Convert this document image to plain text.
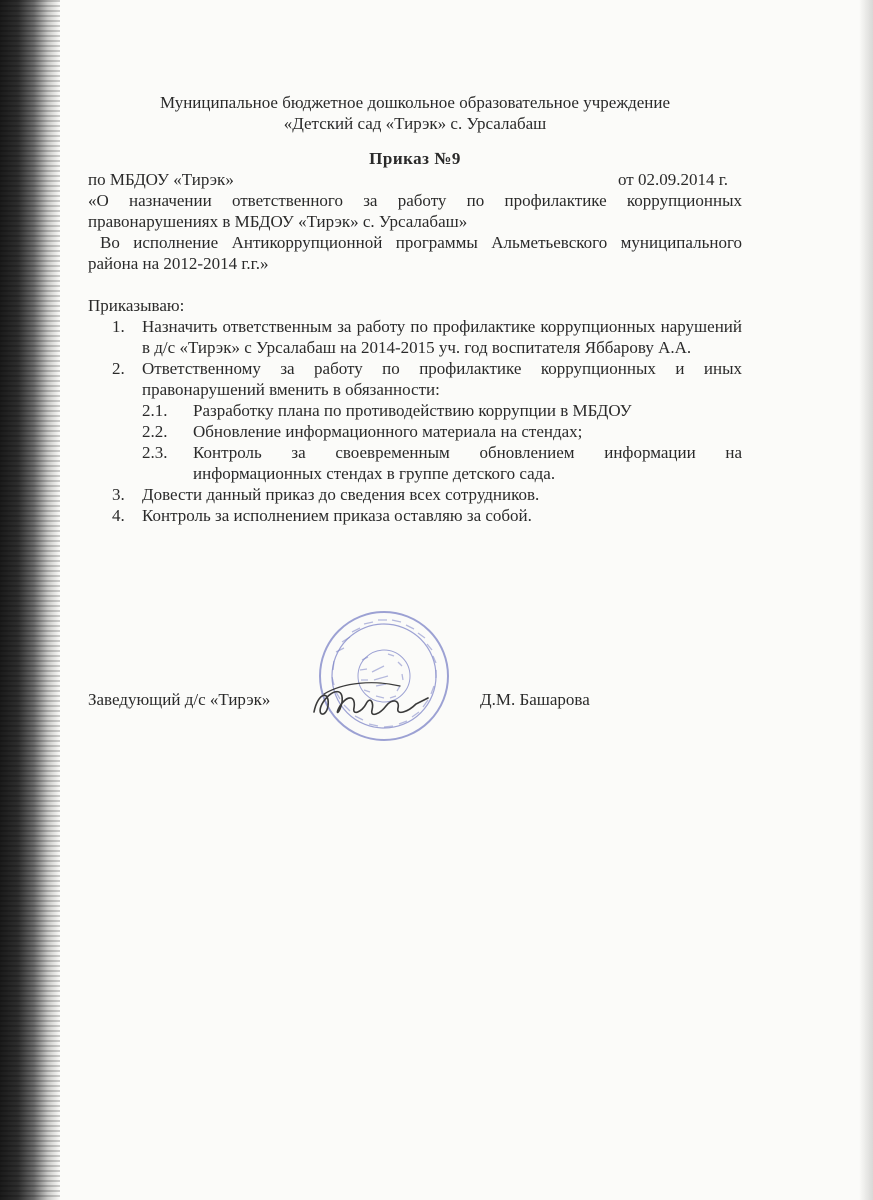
Муниципальное бюджетное дошкольное образовательное учреждение
«Детский сад «Тирэк» с. Урсалабаш
Приказ №9
по МБДОУ «Тирэк»	от 02.09.2014 г.
«О назначении ответственного за работу по профилактике коррупционных правонарушениях в МБДОУ «Тирэк» с. Урсалабаш»
Во исполнение Антикоррупционной программы Альметьевского муниципального района на 2012-2014 г.г.»
Приказываю:
1. Назначить ответственным за работу по профилактике коррупционных нарушений в д/с «Тирэк» с Урсалабаш на 2014-2015 уч. год воспитателя Яббарову А.А.
2. Ответственному за работу по профилактике коррупционных и иных правонарушений вменить в обязанности:
2.1. Разработку плана по противодействию коррупции в МБДОУ
2.2. Обновление информационного материала на стендах;
2.3. Контроль за своевременным обновлением информации на информационных стендах в группе детского сада.
3. Довести данный приказ до сведения всех сотрудников.
4. Контроль за исполнением приказа оставляю за собой.
Заведующий д/с «Тирэк»	Д.М. Башарова
